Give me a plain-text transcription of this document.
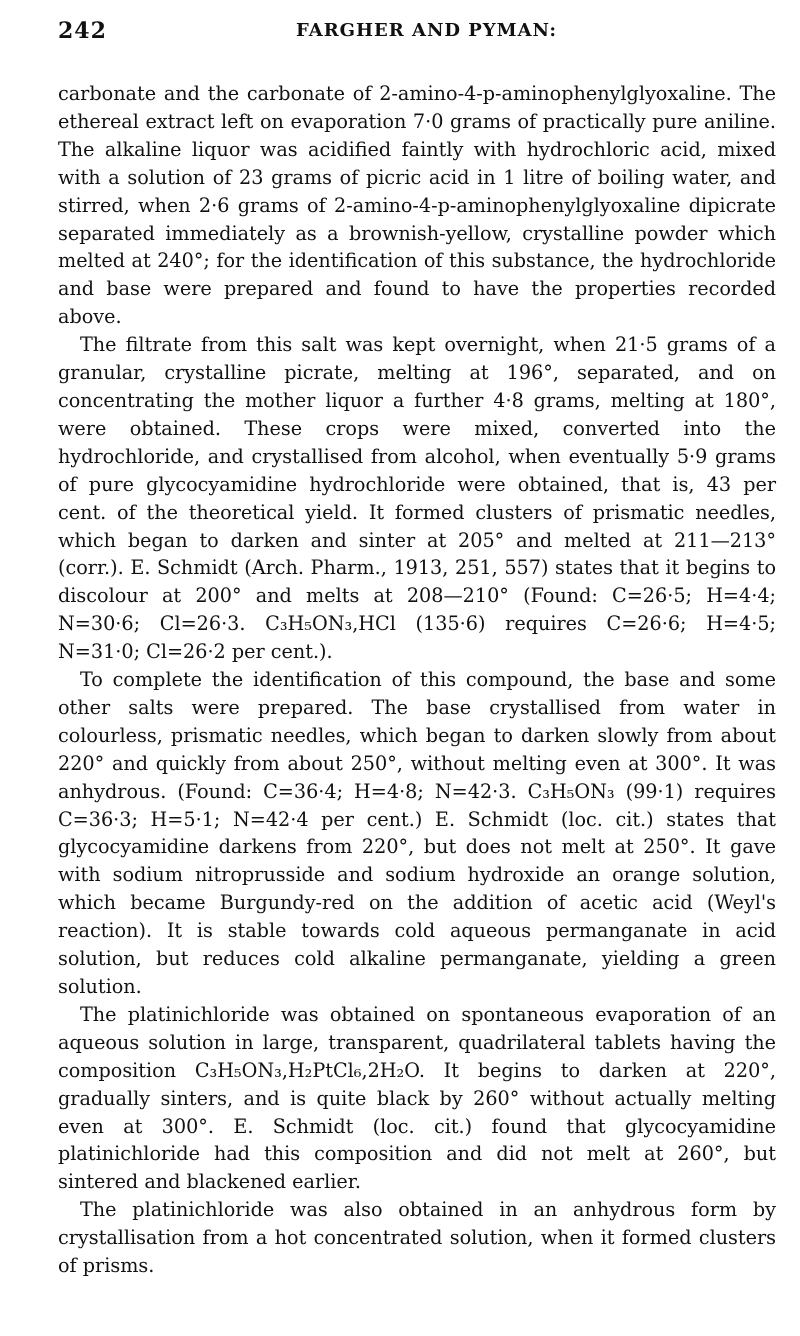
242	FARGHER AND PYMAN:

carbonate and the carbonate of 2-amino-4-p-aminophenylglyoxaline. The ethereal extract left on evaporation 7·0 grams of practically pure aniline. The alkaline liquor was acidified faintly with hydrochloric acid, mixed with a solution of 23 grams of picric acid in 1 litre of boiling water, and stirred, when 2·6 grams of 2-amino-4-p-aminophenylglyoxaline dipicrate separated immediately as a brownish-yellow, crystalline powder which melted at 240°; for the identification of this substance, the hydrochloride and base were prepared and found to have the properties recorded above.

The filtrate from this salt was kept overnight, when 21·5 grams of a granular, crystalline picrate, melting at 196°, separated, and on concentrating the mother liquor a further 4·8 grams, melting at 180°, were obtained. These crops were mixed, converted into the hydrochloride, and crystallised from alcohol, when eventually 5·9 grams of pure glycocyamidine hydrochloride were obtained, that is, 43 per cent. of the theoretical yield. It formed clusters of prismatic needles, which began to darken and sinter at 205° and melted at 211—213° (corr.). E. Schmidt (Arch. Pharm., 1913, 251, 557) states that it begins to discolour at 200° and melts at 208—210° (Found: C=26·5; H=4·4; N=30·6; Cl=26·3. C₃H₅ON₃,HCl (135·6) requires C=26·6; H=4·5; N=31·0; Cl=26·2 per cent.).

To complete the identification of this compound, the base and some other salts were prepared. The base crystallised from water in colourless, prismatic needles, which began to darken slowly from about 220° and quickly from about 250°, without melting even at 300°. It was anhydrous. (Found: C=36·4; H=4·8; N=42·3. C₃H₅ON₃ (99·1) requires C=36·3; H=5·1; N=42·4 per cent.) E. Schmidt (loc. cit.) states that glycocyamidine darkens from 220°, but does not melt at 250°. It gave with sodium nitroprusside and sodium hydroxide an orange solution, which became Burgundy-red on the addition of acetic acid (Weyl's reaction). It is stable towards cold aqueous permanganate in acid solution, but reduces cold alkaline permanganate, yielding a green solution.

The platinichloride was obtained on spontaneous evaporation of an aqueous solution in large, transparent, quadrilateral tablets having the composition C₃H₅ON₃,H₂PtCl₆,2H₂O. It begins to darken at 220°, gradually sinters, and is quite black by 260° without actually melting even at 300°. E. Schmidt (loc. cit.) found that glycocyamidine platinichloride had this composition and did not melt at 260°, but sintered and blackened earlier.

The platinichloride was also obtained in an anhydrous form by crystallisation from a hot concentrated solution, when it formed clusters of prisms.
